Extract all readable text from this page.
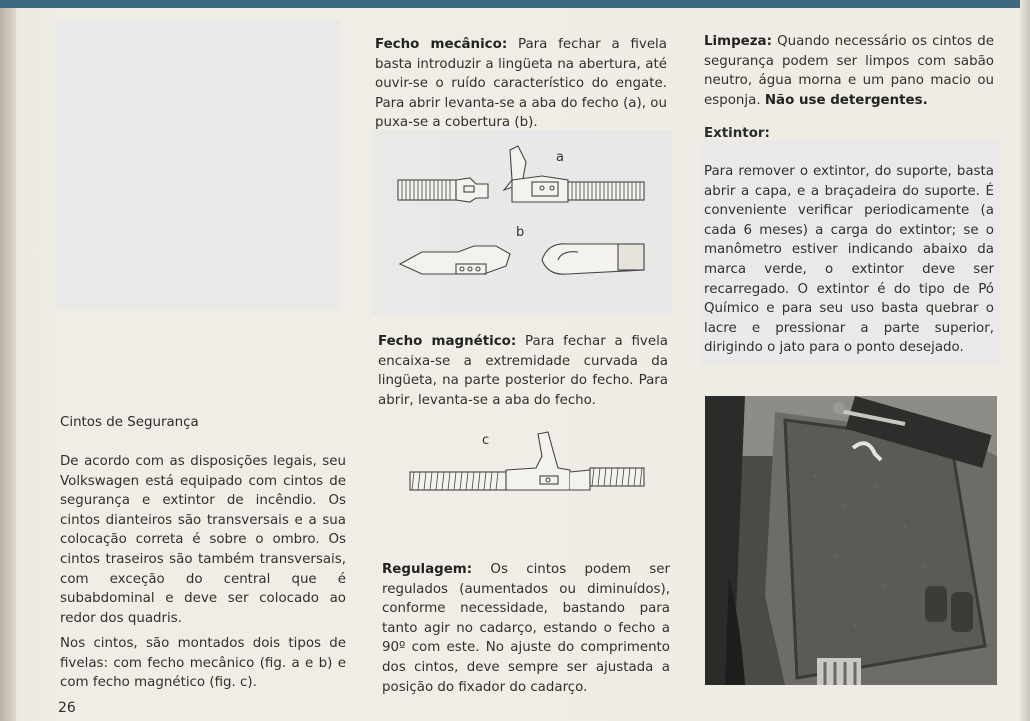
Cintos de Segurança

De acordo com as disposições legais, seu Volkswagen está equipado com cintos de segurança e extintor de incêndio. Os cintos dianteiros são transversais e a sua colocação correta é sobre o ombro. Os cintos traseiros são também transversais, com exceção do central que é subabdominal e deve ser colocado ao redor dos quadris.

Nos cintos, são montados dois tipos de fivelas: com fecho mecânico (fig. a e b) e com fecho magnético (fig. c).

26

Fecho mecânico: Para fechar a fivela basta introduzir a lingüeta na abertura, até ouvir-se o ruído característico do engate. Para abrir levanta-se a aba do fecho (a), ou puxa-se a cobertura (b).

a
b

Fecho magnético: Para fechar a fivela encaixa-se a extremidade curvada da lingüeta, na parte posterior do fecho. Para abrir, levanta-se a aba do fecho.

c

Regulagem: Os cintos podem ser regulados (aumentados ou diminuídos), conforme necessidade, bastando para tanto agir no cadarço, estando o fecho a 90º com este. No ajuste do comprimento dos cintos, deve sempre ser ajustada a posição do fixador do cadarço.

Limpeza: Quando necessário os cintos de segurança podem ser limpos com sabão neutro, água morna e um pano macio ou esponja. Não use detergentes.

Extintor:

Para remover o extintor, do suporte, basta abrir a capa, e a braçadeira do suporte. É conveniente verificar periodicamente (a cada 6 meses) a carga do extintor; se o manômetro estiver indicando abaixo da marca verde, o extintor deve ser recarregado. O extintor é do tipo de Pó Químico e para seu uso basta quebrar o lacre e pressionar a parte superior, dirigindo o jato para o ponto desejado.
